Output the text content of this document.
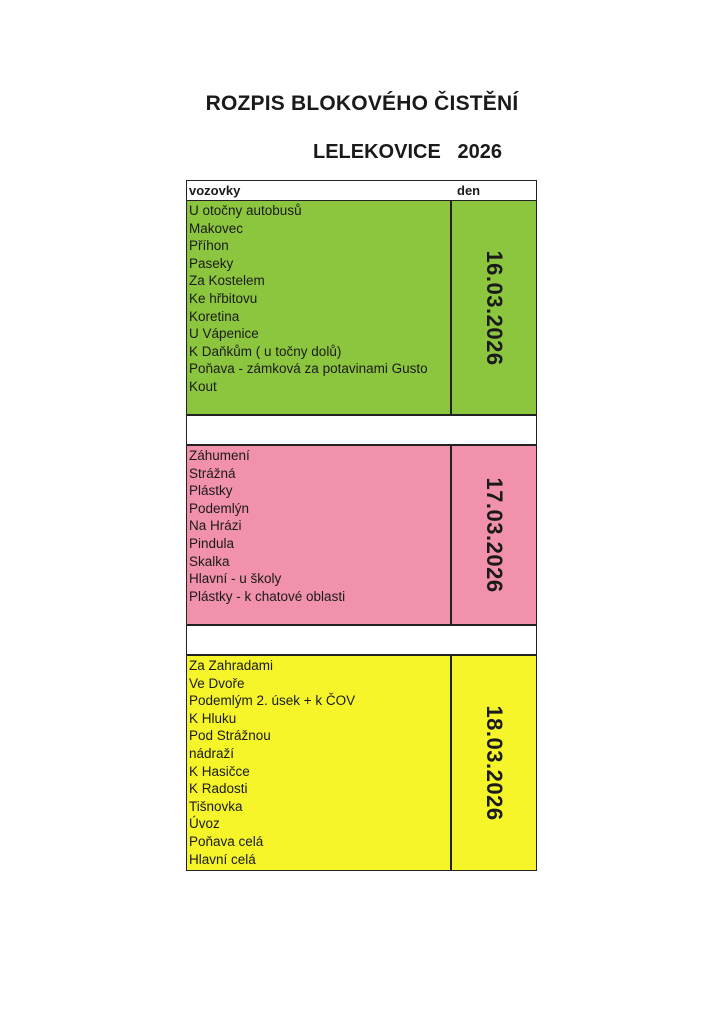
ROZPIS BLOKOVÉHO ČISTĚNÍ
LELEKOVICE   2026
vozovky	den
U otočny autobusů
Makovec
Příhon
Paseky
Za Kostelem
Ke hřbitovu
Koretina
U Vápenice
K Daňkům ( u točny dolů)
Poňava - zámková za potavinami Gusto
Kout
16.03.2026
Záhumení
Strážná
Plástky
Podemlýn
Na Hrázi
Pindula
Skalka
Hlavní - u školy
Plástky - k chatové oblasti
17.03.2026
Za Zahradami
Ve Dvoře
Podemlým 2. úsek + k ČOV
K Hluku
Pod Strážnou
nádraží
K Hasičce
K Radosti
Tišnovka
Úvoz
Poňava celá
Hlavní celá
18.03.2026
